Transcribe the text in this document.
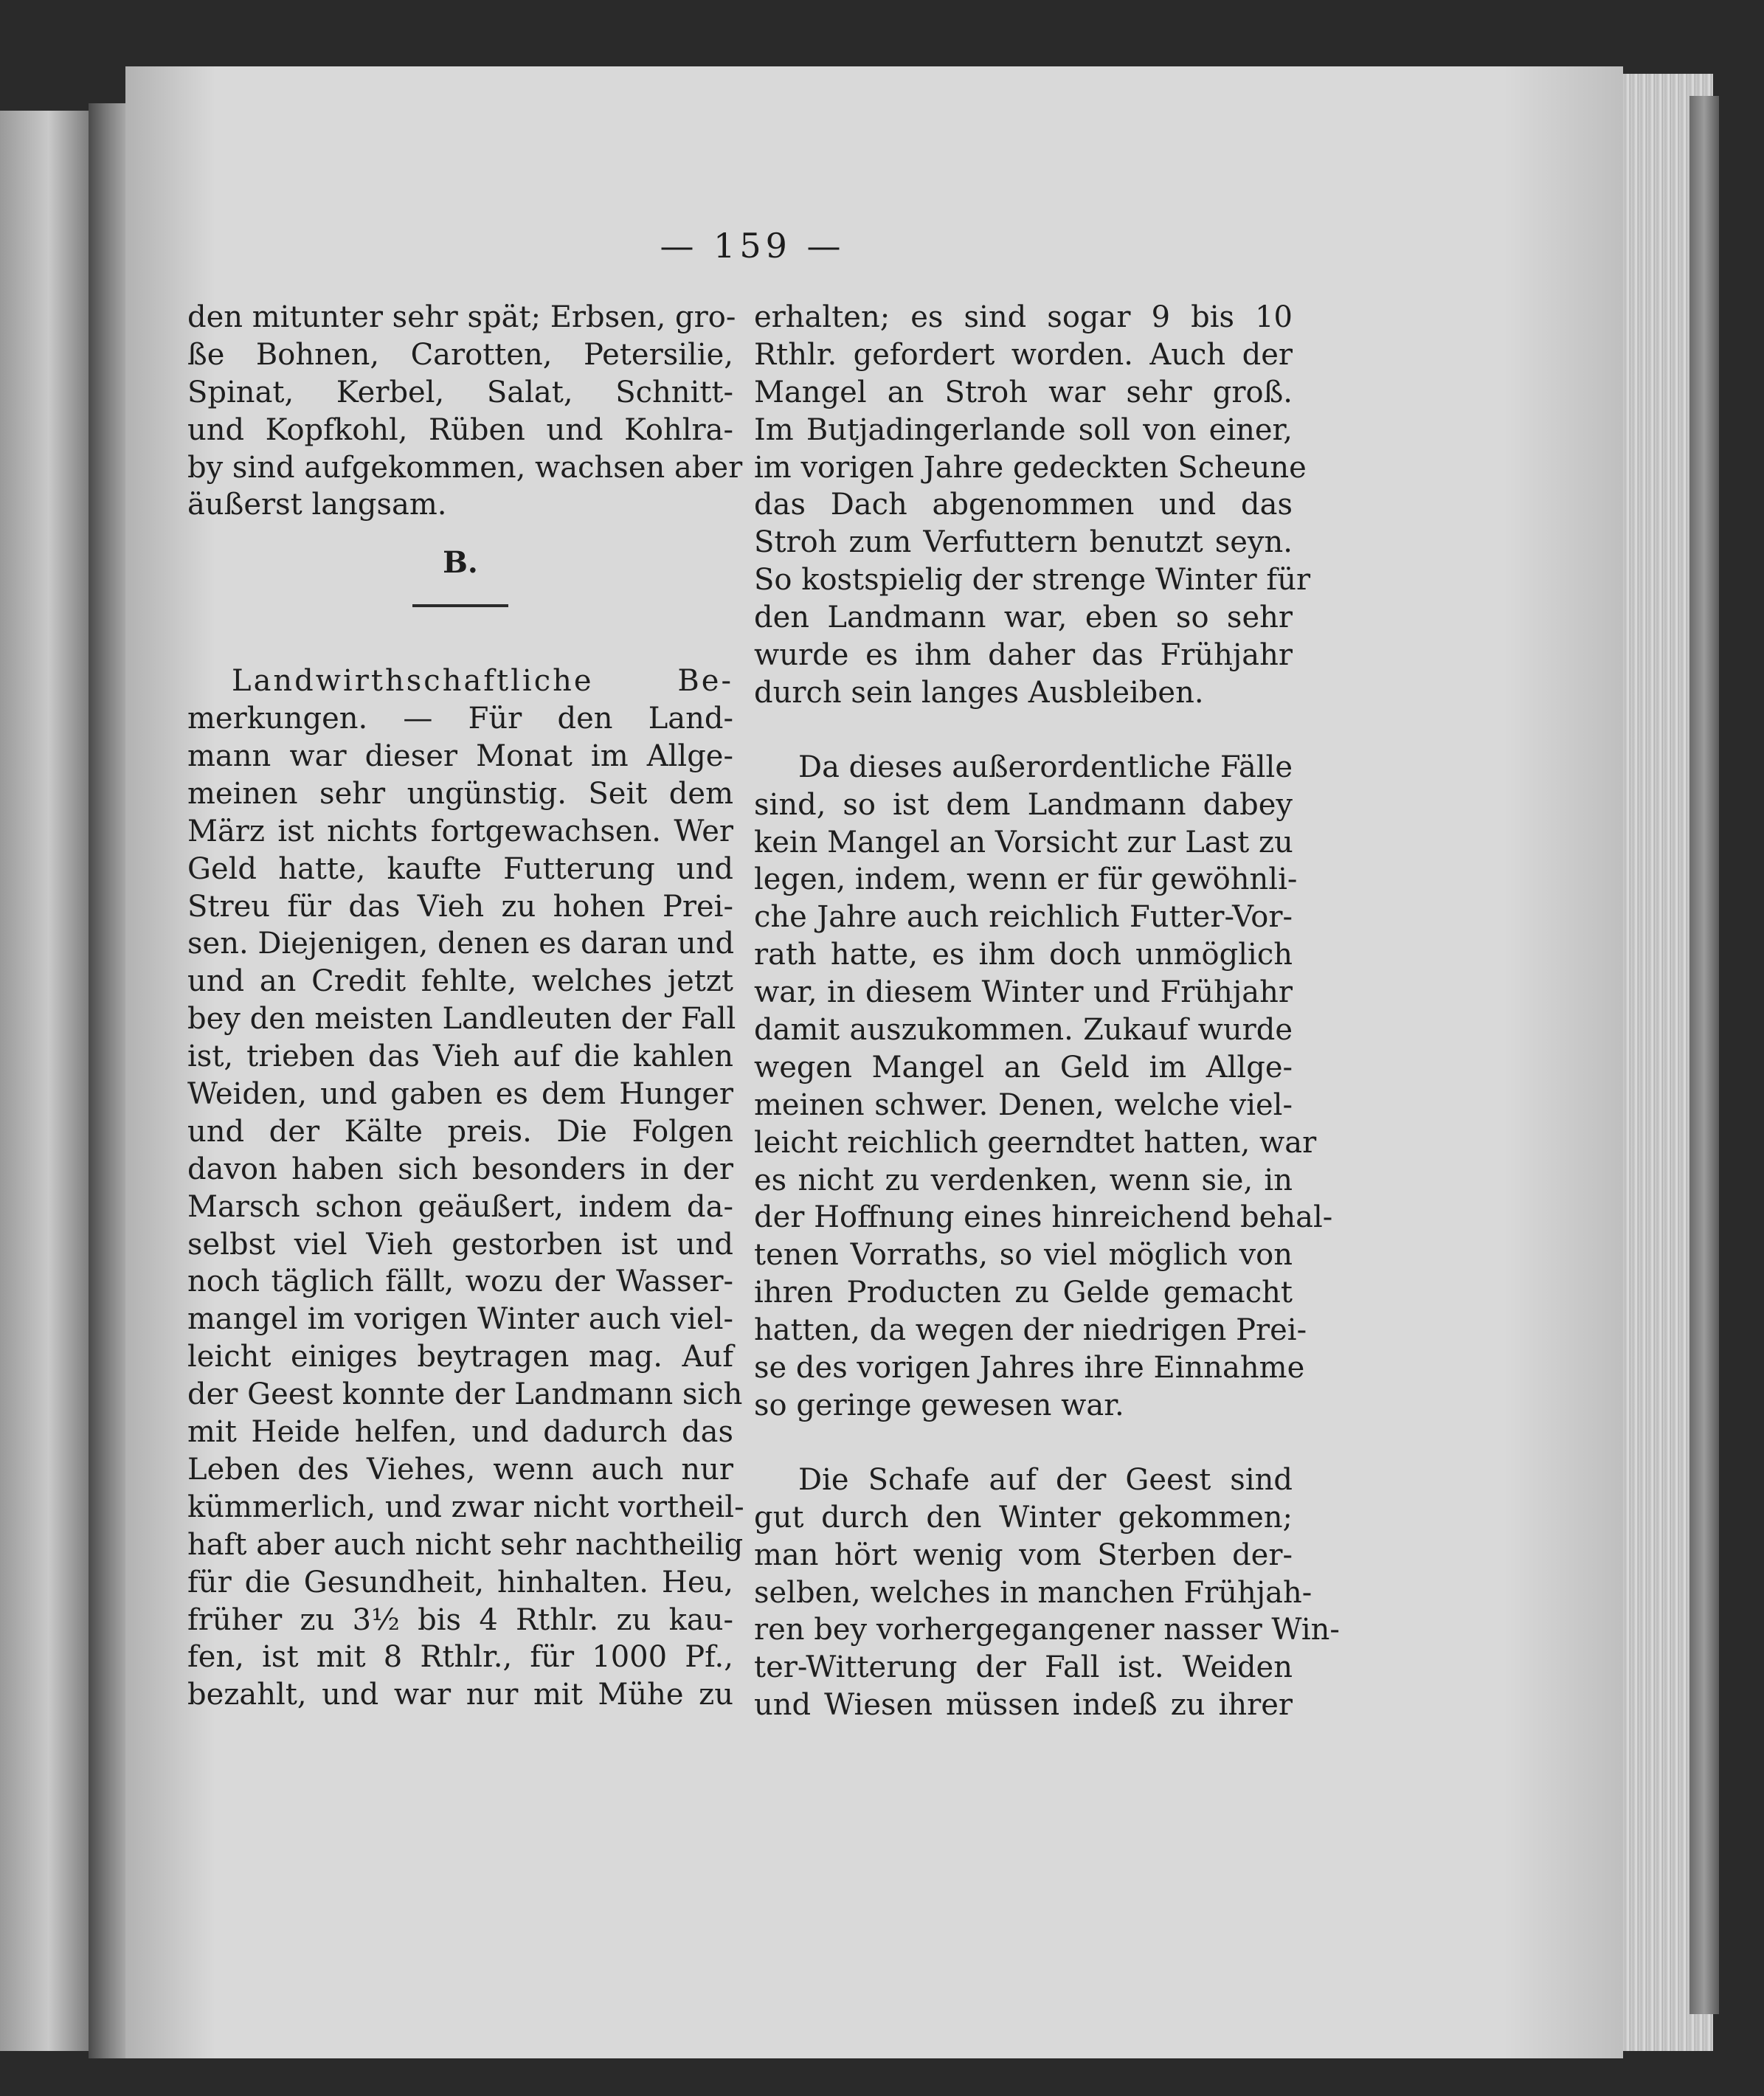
— 159 —
den mitunter sehr spät; Erbsen, gro-
ße Bohnen, Carotten, Petersilie,
Spinat, Kerbel, Salat, Schnitt-
und Kopfkohl, Rüben und Kohlra-
by sind aufgekommen, wachsen aber
äußerst langsam.
B.
Landwirthschaftliche Be-
merkungen. — Für den Land-
mann war dieser Monat im Allge-
meinen sehr ungünstig. Seit dem
März ist nichts fortgewachsen. Wer
Geld hatte, kaufte Futterung und
Streu für das Vieh zu hohen Prei-
sen. Diejenigen, denen es daran und
und an Credit fehlte, welches jetzt
bey den meisten Landleuten der Fall
ist, trieben das Vieh auf die kahlen
Weiden, und gaben es dem Hunger
und der Kälte preis. Die Folgen
davon haben sich besonders in der
Marsch schon geäußert, indem da-
selbst viel Vieh gestorben ist und
noch täglich fällt, wozu der Wasser-
mangel im vorigen Winter auch viel-
leicht einiges beytragen mag. Auf
der Geest konnte der Landmann sich
mit Heide helfen, und dadurch das
Leben des Viehes, wenn auch nur
kümmerlich, und zwar nicht vortheil-
haft aber auch nicht sehr nachtheilig
für die Gesundheit, hinhalten. Heu,
früher zu 3½ bis 4 Rthlr. zu kau-
fen, ist mit 8 Rthlr., für 1000 Pf.,
bezahlt, und war nur mit Mühe zu
erhalten; es sind sogar 9 bis 10
Rthlr. gefordert worden. Auch der
Mangel an Stroh war sehr groß.
Im Butjadingerlande soll von einer,
im vorigen Jahre gedeckten Scheune
das Dach abgenommen und das
Stroh zum Verfuttern benutzt seyn.
So kostspielig der strenge Winter für
den Landmann war, eben so sehr
wurde es ihm daher das Frühjahr
durch sein langes Ausbleiben.
Da dieses außerordentliche Fälle
sind, so ist dem Landmann dabey
kein Mangel an Vorsicht zur Last zu
legen, indem, wenn er für gewöhnli-
che Jahre auch reichlich Futter-Vor-
rath hatte, es ihm doch unmöglich
war, in diesem Winter und Frühjahr
damit auszukommen. Zukauf wurde
wegen Mangel an Geld im Allge-
meinen schwer. Denen, welche viel-
leicht reichlich geerndtet hatten, war
es nicht zu verdenken, wenn sie, in
der Hoffnung eines hinreichend behal-
tenen Vorraths, so viel möglich von
ihren Producten zu Gelde gemacht
hatten, da wegen der niedrigen Prei-
se des vorigen Jahres ihre Einnahme
so geringe gewesen war.
Die Schafe auf der Geest sind
gut durch den Winter gekommen;
man hört wenig vom Sterben der-
selben, welches in manchen Frühjah-
ren bey vorhergegangener nasser Win-
ter-Witterung der Fall ist. Weiden
und Wiesen müssen indeß zu ihrer
